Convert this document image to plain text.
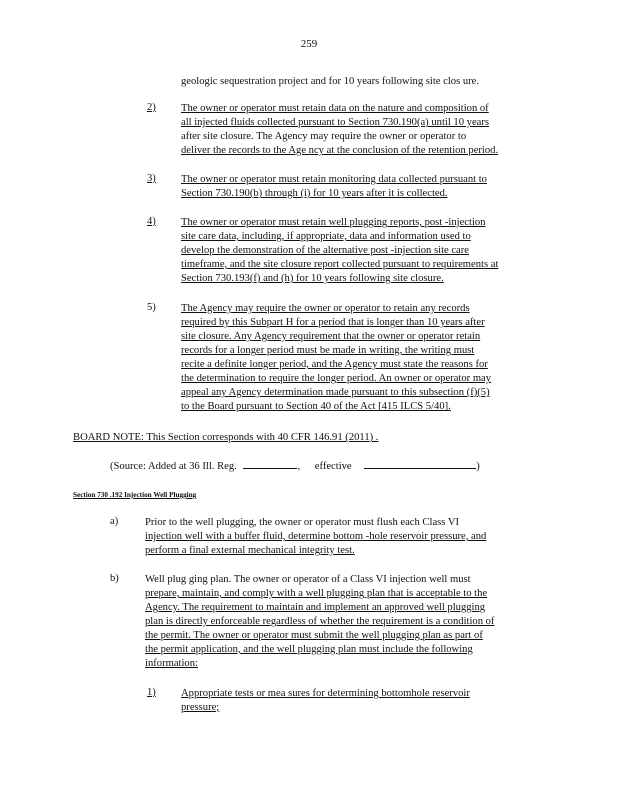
259
geologic sequestration project and for 10 years following site clos ure.
2) The owner or operator must retain data on the nature and composition of
all injected fluids collected pursuant to Section 730.190(a) until 10 years
after site closure. The Agency may require the owner or operator to
deliver the records to the Age ncy at the conclusion of the retention period.
3) The owner or operator must retain monitoring data collected pursuant to
Section 730.190(b) through (i) for 10 years after it is collected.
4) The owner or operator must retain well plugging reports, post -injection
site care data, including, if appropriate, data and information used to
develop the demonstration of the alternative post -injection site care
timeframe, and the site closure report collected pursuant to requirements at
Section 730.193(f) and (h) for 10 years following site closure.
5) The Agency may require the owner or operator to retain any records
required by this Subpart H for a period that is longer than 10 years after
site closure. Any Agency requirement that the owner or operator retain
records for a longer period must be made in writing, the writing must
recite a definite longer period, and the Agency must state the reasons for
the determination to require the longer period. An owner or operator may
appeal any Agency determination made pursuant to this subsection (f)(5)
to the Board pursuant to Section 40 of the Act [415 ILCS 5/40].
BOARD NOTE: This Section corresponds with 40 CFR 146.91 (2011) .
(Source: Added at 36 Ill. Reg.	, effective	)
Section 730 .192 Injection Well Plugging
a)	Prior to the well plugging, the owner or operator must flush each Class VI
injection well with a buffer fluid, determine bottom -hole reservoir pressure, and
perform a final external mechanical integrity test.
b) Well plug ging plan. The owner or operator of a Class VI injection well must
prepare, maintain, and comply with a well plugging plan that is acceptable to the
Agency. The requirement to maintain and implement an approved well plugging
plan is directly enforceable regardless of whether the requirement is a condition of
the permit. The owner or operator must submit the well plugging plan as part of
the permit application, and the well plugging plan must include the following
information:
1) Appropriate tests or mea sures for determining bottomhole reservoir
pressure;
